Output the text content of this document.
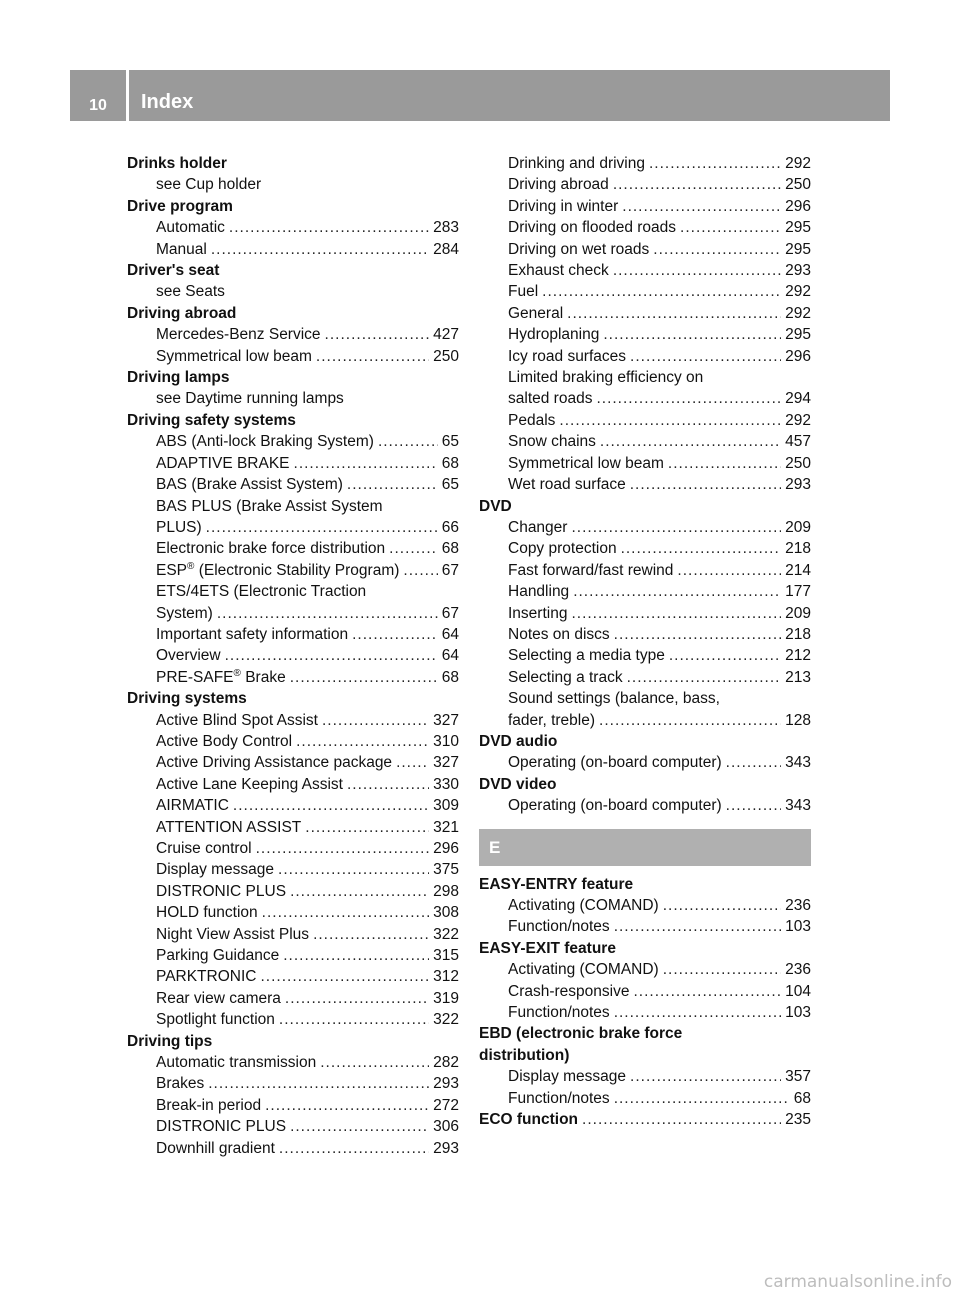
10	Index
Drinks holder
see Cup holder
Drive program
Automatic .....	283
Manual .....	284
Driver's seat
see Seats
Driving abroad
Mercedes-Benz Service .....	427
Symmetrical low beam .....	250
Driving lamps
see Daytime running lamps
Driving safety systems
ABS (Anti-lock Braking System) .....	65
ADAPTIVE BRAKE .....	68
BAS (Brake Assist System) .....	65
BAS PLUS (Brake Assist System
PLUS) .....	66
Electronic brake force distribution .....	68
ESP® (Electronic Stability Program) .....	67
ETS/4ETS (Electronic Traction
System) .....	67
Important safety information .....	64
Overview .....	64
PRE-SAFE® Brake .....	68
Driving systems
Active Blind Spot Assist .....	327
Active Body Control .....	310
Active Driving Assistance package .....	327
Active Lane Keeping Assist .....	330
AIRMATIC .....	309
ATTENTION ASSIST .....	321
Cruise control .....	296
Display message .....	375
DISTRONIC PLUS .....	298
HOLD function .....	308
Night View Assist Plus .....	322
Parking Guidance .....	315
PARKTRONIC .....	312
Rear view camera .....	319
Spotlight function .....	322
Driving tips
Automatic transmission .....	282
Brakes .....	293
Break-in period .....	272
DISTRONIC PLUS .....	306
Downhill gradient .....	293
Drinking and driving .....	292
Driving abroad .....	250
Driving in winter .....	296
Driving on flooded roads .....	295
Driving on wet roads .....	295
Exhaust check .....	293
Fuel .....	292
General .....	292
Hydroplaning .....	295
Icy road surfaces .....	296
Limited braking efficiency on
salted roads .....	294
Pedals .....	292
Snow chains .....	457
Symmetrical low beam .....	250
Wet road surface .....	293
DVD
Changer .....	209
Copy protection .....	218
Fast forward/fast rewind .....	214
Handling .....	177
Inserting .....	209
Notes on discs .....	218
Selecting a media type .....	212
Selecting a track .....	213
Sound settings (balance, bass,
fader, treble) .....	128
DVD audio
Operating (on-board computer) .....	343
DVD video
Operating (on-board computer) .....	343
E
EASY-ENTRY feature
Activating (COMAND) .....	236
Function/notes .....	103
EASY-EXIT feature
Activating (COMAND) .....	236
Crash-responsive .....	104
Function/notes .....	103
EBD (electronic brake force
distribution)
Display message .....	357
Function/notes .....	68
ECO function .....	235
carmanualsonline.info
